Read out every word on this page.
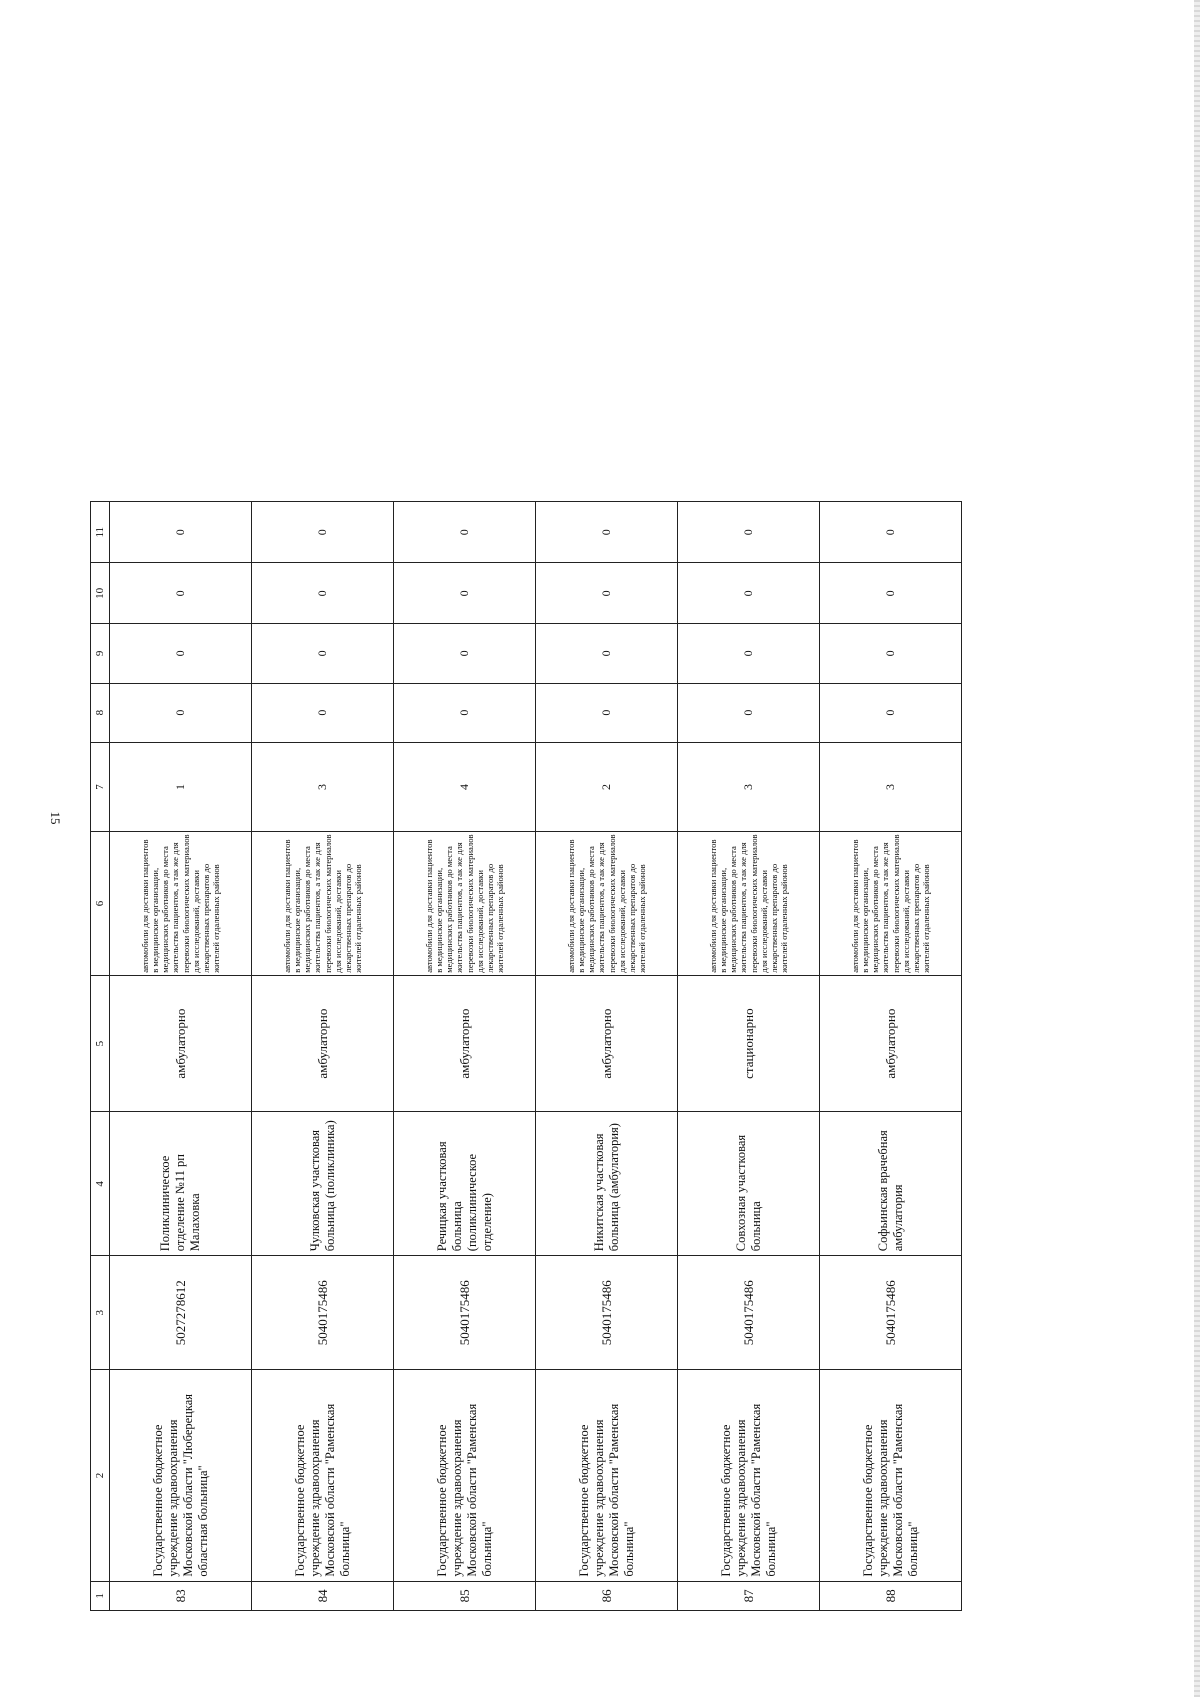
15
1	2	3	4	5	6	7	8	9	10	11
83	Государственное бюджетное учреждение здравоохранения Московской области "Люберецкая областная больница"	5027278612	Поликлиническое отделение №11 рп Малаховка	амбулаторно	автомобили для доставки пациентов в медицинские организации, медицинских работников до места жительства пациентов, а так же для перевозки биологических материалов для исследований, доставки лекарственных препаратов до жителей отдаленных районов	1	0	0	0	0
84	Государственное бюджетное учреждение здравоохранения Московской области "Раменская больница"	5040175486	Чулковская участковая больница (поликлиника)	амбулаторно	автомобили для доставки пациентов в медицинские организации, медицинских работников до места жительства пациентов, а так же для перевозки биологических материалов для исследований, доставки лекарственных препаратов до жителей отдаленных районов	3	0	0	0	0
85	Государственное бюджетное учреждение здравоохранения Московской области "Раменская больница"	5040175486	Речицкая участковая больница (поликлиническое отделение)	амбулаторно	автомобили для доставки пациентов в медицинские организации, медицинских работников до места жительства пациентов, а так же для перевозки биологических материалов для исследований, доставки лекарственных препаратов до жителей отдаленных районов	4	0	0	0	0
86	Государственное бюджетное учреждение здравоохранения Московской области "Раменская больница"	5040175486	Никитская участковая больница (амбулатория)	амбулаторно	автомобили для доставки пациентов в медицинские организации, медицинских работников до места жительства пациентов, а так же для перевозки биологических материалов для исследований, доставки лекарственных препаратов до жителей отдаленных районов	2	0	0	0	0
87	Государственное бюджетное учреждение здравоохранения Московской области "Раменская больница"	5040175486	Совхозная участковая больница	стационарно	автомобили для доставки пациентов в медицинские организации, медицинских работников до места жительства пациентов, а так же для перевозки биологических материалов для исследований, доставки лекарственных препаратов до жителей отдаленных районов	3	0	0	0	0
88	Государственное бюджетное учреждение здравоохранения Московской области "Раменская больница"	5040175486	Софьинская врачебная амбулатория	амбулаторно	автомобили для доставки пациентов в медицинские организации, медицинских работников до места жительства пациентов, а так же для перевозки биологических материалов для исследований, доставки лекарственных препаратов до жителей отдаленных районов	3	0	0	0	0
